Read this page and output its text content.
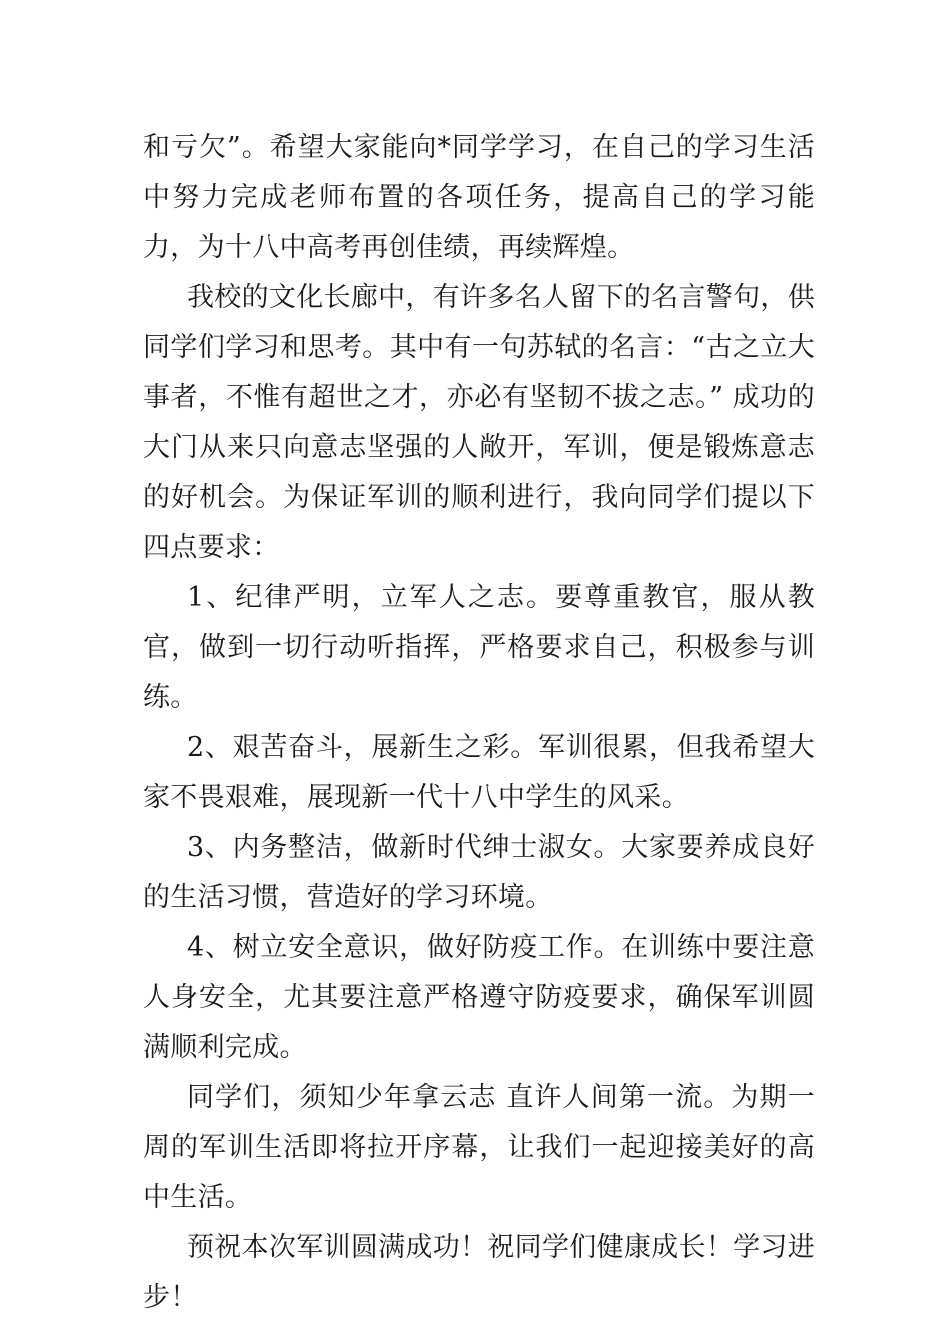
和亏欠”。希望大家能向*同学学习，在自己的学习生活中努力完成老师布置的各项任务，提高自己的学习能力，为十八中高考再创佳绩，再续辉煌。

我校的文化长廊中，有许多名人留下的名言警句，供同学们学习和思考。其中有一句苏轼的名言：“古之立大事者，不惟有超世之才，亦必有坚韧不拔之志。” 成功的大门从来只向意志坚强的人敞开，军训，便是锻炼意志的好机会。为保证军训的顺利进行，我向同学们提以下四点要求：

1、纪律严明，立军人之志。要尊重教官，服从教官，做到一切行动听指挥，严格要求自己，积极参与训练。

2、艰苦奋斗，展新生之彩。军训很累，但我希望大家不畏艰难，展现新一代十八中学生的风采。

3、内务整洁，做新时代绅士淑女。大家要养成良好的生活习惯，营造好的学习环境。

4、树立安全意识，做好防疫工作。在训练中要注意人身安全，尤其要注意严格遵守防疫要求，确保军训圆满顺利完成。

同学们，须知少年拿云志 直许人间第一流。为期一周的军训生活即将拉开序幕，让我们一起迎接美好的高中生活。

预祝本次军训圆满成功！祝同学们健康成长！学习进步！
